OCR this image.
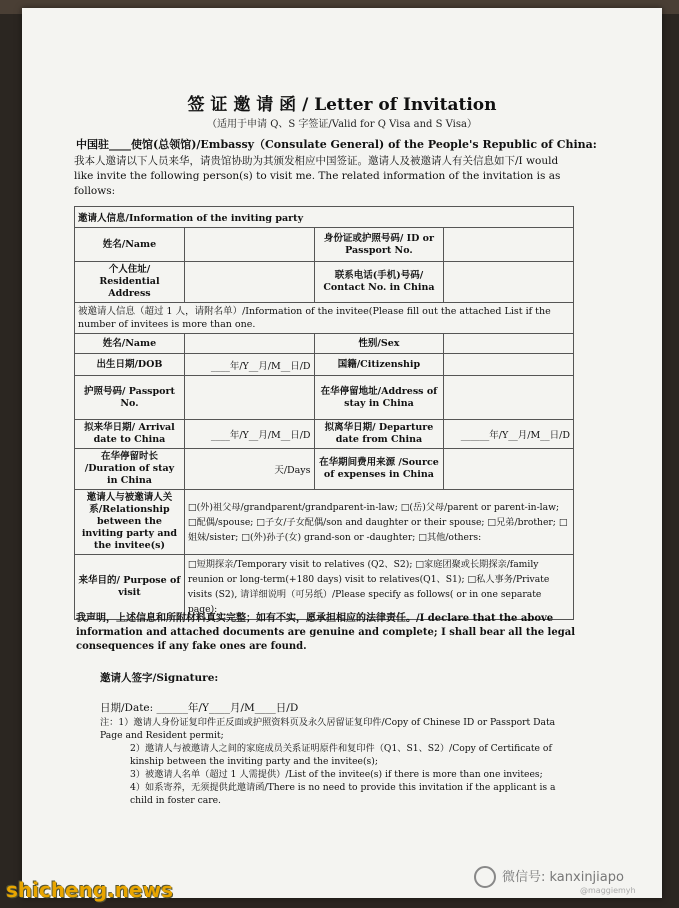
签 证 邀 请 函 / Letter of Invitation
（适用于申请 Q、S 字签证/Valid for Q Visa and S Visa）
中国驻____使馆(总领馆)/Embassy（Consulate General) of the People's Republic of China:
我本人邀请以下人员来华，请贵馆协助为其颁发相应中国签证。邀请人及被邀请人有关信息如下/I would like invite the following person(s) to visit me. The related information of the invitation is as follows:
邀请人信息/Information of the inviting party			
姓名/Name		身份证或护照号码/ ID or Passport No.	
个人住址/ Residential Address		联系电话(手机)号码/ Contact No. in China	
被邀请人信息（超过 1 人，请附名单）/Information of the invitee(Please fill out the attached List if the number of invitees is more than one.			
姓名/Name		性别/Sex	
出生日期/DOB	____年/Y__月/M__日/D	国籍/Citizenship	
护照号码/ Passport No.		在华停留地址/Address of stay in China	
拟来华日期/ Arrival date to China	____年/Y__月/M__日/D	拟离华日期/ Departure date from China	______年/Y__月/M__日/D
在华停留时长 /Duration of stay in China	天/Days	在华期间费用来源 /Source of expenses in China	
邀请人与被邀请人关系/Relationship between the inviting party and the invitee(s)	□(外)祖父母/grandparent/grandparent-in-law; □(岳)父母/parent or parent-in-law; □配偶/spouse; □子女/子女配偶/son and daughter or their spouse; □兄弟/brother; □姐妹/sister; □(外)孙子(女) grand-son or -daughter; □其他/others:		
来华目的/ Purpose of visit	□短期探亲/Temporary visit to relatives (Q2、S2); □家庭团聚或长期探亲/family reunion or long-term(+180 days) visit to relatives(Q1、S1); □私人事务/Private visits (S2), 请详细说明（可另纸）/Please specify as follows( or in one separate page):		
我声明，上述信息和所附材料真实完整；如有不实，愿承担相应的法律责任。/I declare that the above information and attached documents are genuine and complete; I shall bear all the legal consequences if any fake ones are found.
邀请人签字/Signature:
日期/Date: ______年/Y____月/M____日/D
注：1）邀请人身份证复印件正反面或护照资料页及永久居留证复印件/Copy of Chinese ID or Passport Data Page and Resident permit;
2）邀请人与被邀请人之间的家庭成员关系证明原件和复印件（Q1、S1、S2）/Copy of Certificate of kinship between the inviting party and the invitee(s);
3）被邀请人名单（超过 1 人需提供）/List of the invitee(s) if there is more than one invitees;
4）如系寄养，无须提供此邀请函/There is no need to provide this invitation if the applicant is a child in foster care.
微信号: kanxinjiapo
@maggiemyh
shicheng.news
